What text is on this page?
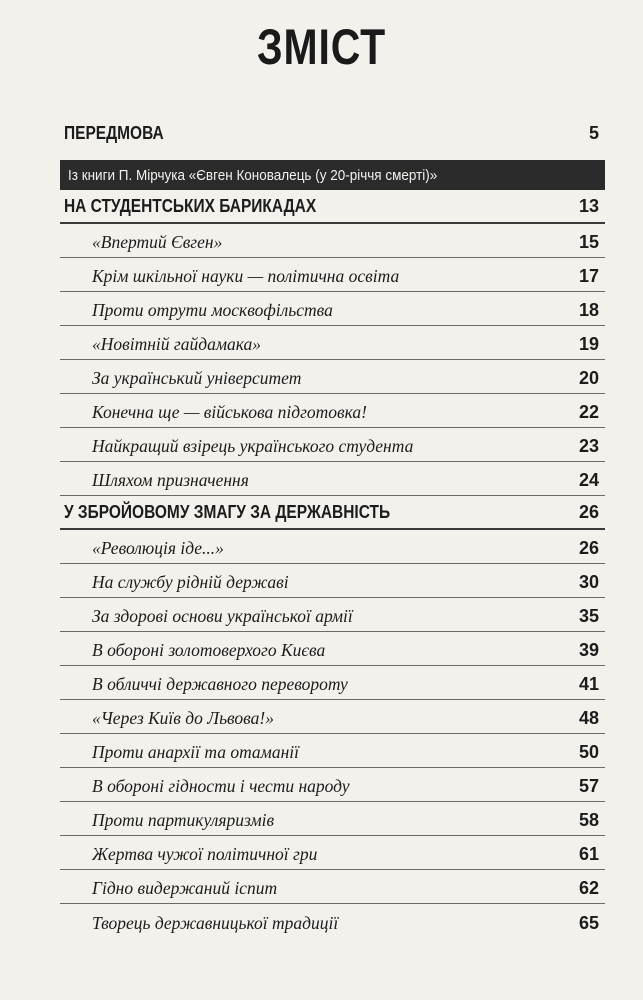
ЗМІСТ
ПЕРЕДМОВА	5
Із книги П. Мірчука «Євген Коновалець (у 20-річчя смерті)»
НА СТУДЕНТСЬКИХ БАРИКАДАХ	13
«Впертий Євген»	15
Крім шкільної науки — політична освіта	17
Проти отрути москвофільства	18
«Новітній гайдамака»	19
За український університет	20
Конечна ще — військова підготовка!	22
Найкращий взірець українського студента	23
Шляхом призначення	24
У ЗБРОЙОВОМУ ЗМАГУ ЗА ДЕРЖАВНІСТЬ	26
«Революція іде...»	26
На службу рідній державі	30
За здорові основи української армії	35
В обороні золотоверхого Києва	39
В обличчі державного перевороту	41
«Через Київ до Львова!»	48
Проти анархії та отаманії	50
В обороні гідности і чести народу	57
Проти партикуляризмів	58
Жертва чужої політичної гри	61
Гідно видержаний іспит	62
Творець державницької традиції	65
